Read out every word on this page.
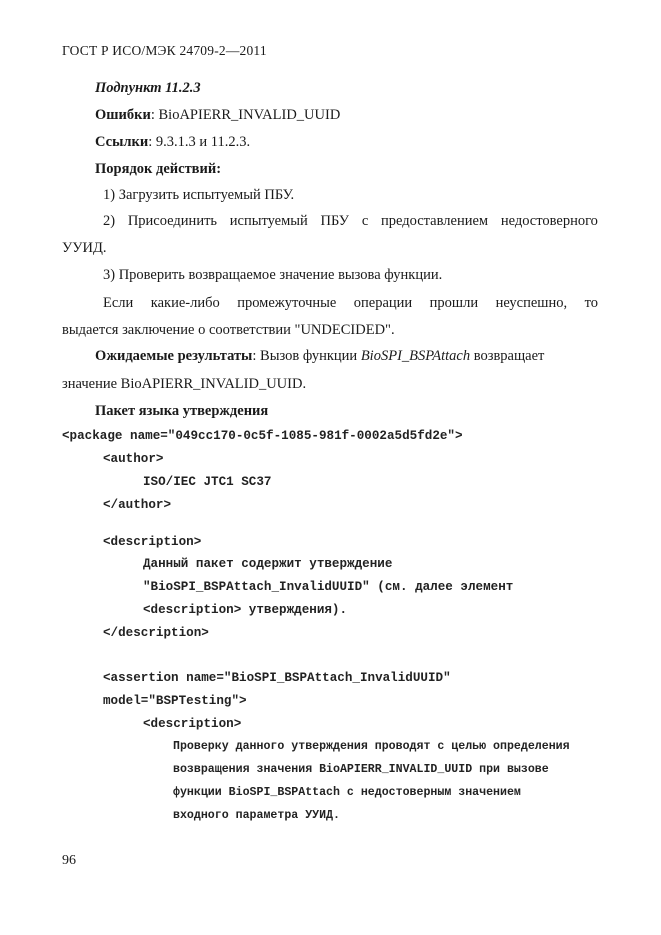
ГОСТ Р ИСО/МЭК 24709-2—2011
Подпункт 11.2.3
Ошибки: BioAPIERR_INVALID_UUID
Ссылки: 9.3.1.3 и 11.2.3.
Порядок действий:
1) Загрузить испытуемый ПБУ.
2) Присоединить испытуемый ПБУ с предоставлением недостоверного
УУИД.
3) Проверить возвращаемое значение вызова функции.
Если какие-либо промежуточные операции прошли неуспешно, то
выдается заключение о соответствии "UNDECIDED".
Ожидаемые результаты: Вызов функции BioSPI_BSPAttach возвращает
значение BioAPIERR_INVALID_UUID.
Пакет языка утверждения
<package name="049cc170-0c5f-1085-981f-0002a5d5fd2e">
<author>
ISO/IEC JTC1 SC37
</author>
<description>
Данный пакет содержит утверждение
"BioSPI_BSPAttach_InvalidUUID" (см. далее элемент
<description> утверждения).
</description>
<assertion name="BioSPI_BSPAttach_InvalidUUID"
model="BSPTesting">
<description>
Проверку данного утверждения проводят с целью определения
возвращения значения BioAPIERR_INVALID_UUID при вызове
функции BioSPI_BSPAttach с недостоверным значением
входного параметра УУИД.
96
